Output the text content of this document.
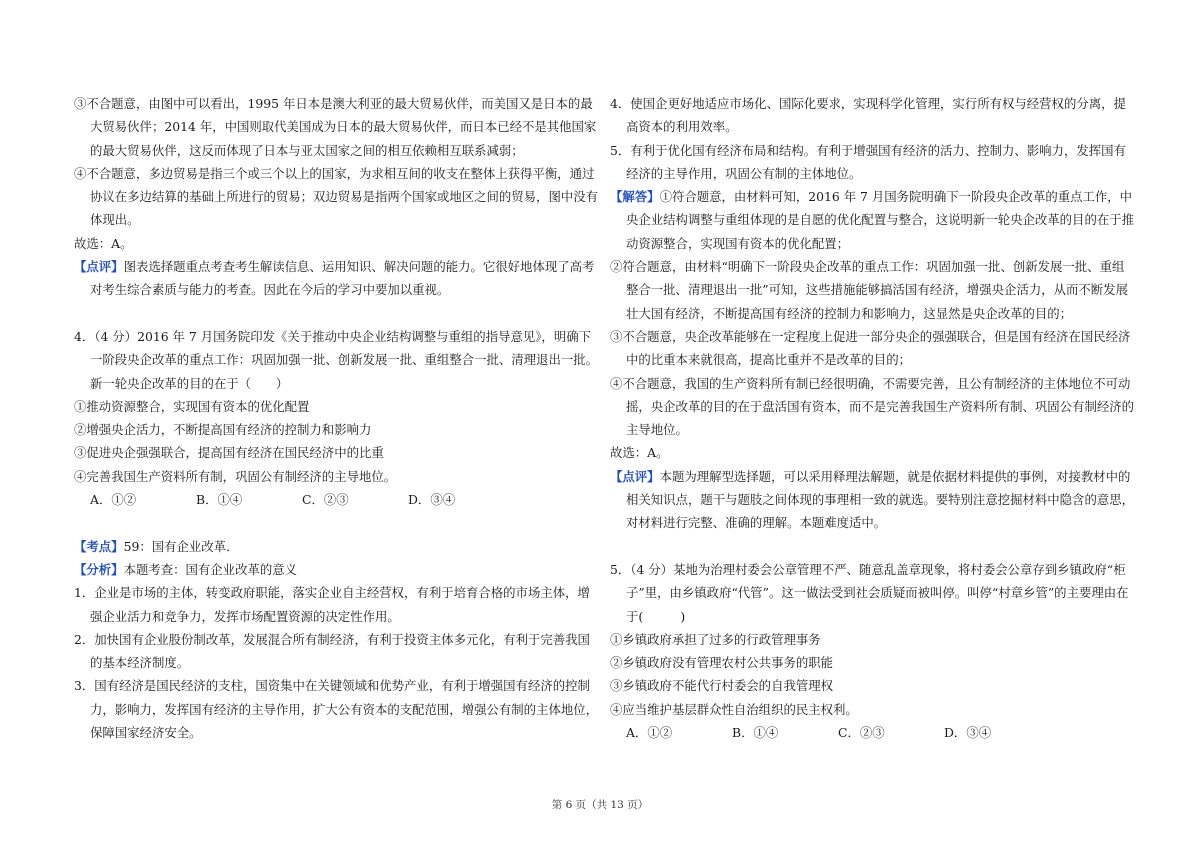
③不合题意，由图中可以看出，1995 年日本是澳大利亚的最大贸易伙伴，而美国又是日本的最大贸易伙伴；2014 年，中国则取代美国成为日本的最大贸易伙伴，而日本已经不是其他国家的最大贸易伙伴，这反而体现了日本与亚太国家之间的相互依赖相互联系减弱；

④不合题意，多边贸易是指三个或三个以上的国家，为求相互间的收支在整体上获得平衡，通过协议在多边结算的基础上所进行的贸易；双边贸易是指两个国家或地区之间的贸易，图中没有体现出。

故选：A。

【点评】图表选择题重点考查考生解读信息、运用知识、解决问题的能力。它很好地体现了高考对考生综合素质与能力的考查。因此在今后的学习中要加以重视。

4．（4 分）2016 年 7 月国务院印发《关于推动中央企业结构调整与重组的指导意见》，明确下一阶段央企改革的重点工作：巩固加强一批、创新发展一批、重组整合一批、清理退出一批。新一轮央企改革的目的在于（　　）

①推动资源整合，实现国有资本的优化配置

②增强央企活力，不断提高国有经济的控制力和影响力

③促进央企强强联合，提高国有经济在国民经济中的比重

④完善我国生产资料所有制，巩固公有制经济的主导地位。

A．①②	B．①④	C．②③	D．③④

【考点】59：国有企业改革．

【分析】本题考查：国有企业改革的意义

1．企业是市场的主体，转变政府职能，落实企业自主经营权，有利于培育合格的市场主体，增强企业活力和竞争力，发挥市场配置资源的决定性作用。

2．加快国有企业股份制改革，发展混合所有制经济，有利于投资主体多元化，有利于完善我国的基本经济制度。

3．国有经济是国民经济的支柱，国资集中在关键领域和优势产业，有利于增强国有经济的控制力，影响力，发挥国有经济的主导作用，扩大公有资本的支配范围，增强公有制的主体地位，保障国家经济安全。

4．使国企更好地适应市场化、国际化要求，实现科学化管理，实行所有权与经营权的分离，提高资本的利用效率。

5．有利于优化国有经济布局和结构。有利于增强国有经济的活力、控制力、影响力，发挥国有经济的主导作用，巩固公有制的主体地位。

【解答】①符合题意，由材料可知，2016 年 7 月国务院明确下一阶段央企改革的重点工作，中央企业结构调整与重组体现的是自愿的优化配置与整合，这说明新一轮央企改革的目的在于推动资源整合，实现国有资本的优化配置；

②符合题意，由材料“明确下一阶段央企改革的重点工作：巩固加强一批、创新发展一批、重组整合一批、清理退出一批”可知，这些措施能够搞活国有经济，增强央企活力，从而不断发展壮大国有经济，不断提高国有经济的控制力和影响力，这显然是央企改革的目的；

③不合题意，央企改革能够在一定程度上促进一部分央企的强强联合，但是国有经济在国民经济中的比重本来就很高，提高比重并不是改革的目的；

④不合题意，我国的生产资料所有制已经很明确，不需要完善，且公有制经济的主体地位不可动摇，央企改革的目的在于盘活国有资本，而不是完善我国生产资料所有制、巩固公有制经济的主导地位。

故选：A。

【点评】本题为理解型选择题，可以采用释理法解题，就是依据材料提供的事例，对接教材中的相关知识点，题干与题肢之间体现的事理相一致的就选。要特别注意挖掘材料中隐含的意思，对材料进行完整、准确的理解。本题难度适中。

5．（4 分）某地为治理村委会公章管理不严、随意乱盖章现象，将村委会公章存到乡镇政府“柜子”里，由乡镇政府“代管”。这一做法受到社会质疑而被叫停。叫停“村章乡管”的主要理由在于(　　　)

①乡镇政府承担了过多的行政管理事务

②乡镇政府没有管理农村公共事务的职能

③乡镇政府不能代行村委会的自我管理权

④应当维护基层群众性自治组织的民主权利。

A．①②	B．①④	C．②③	D．③④
第 6 页（共 13 页）
